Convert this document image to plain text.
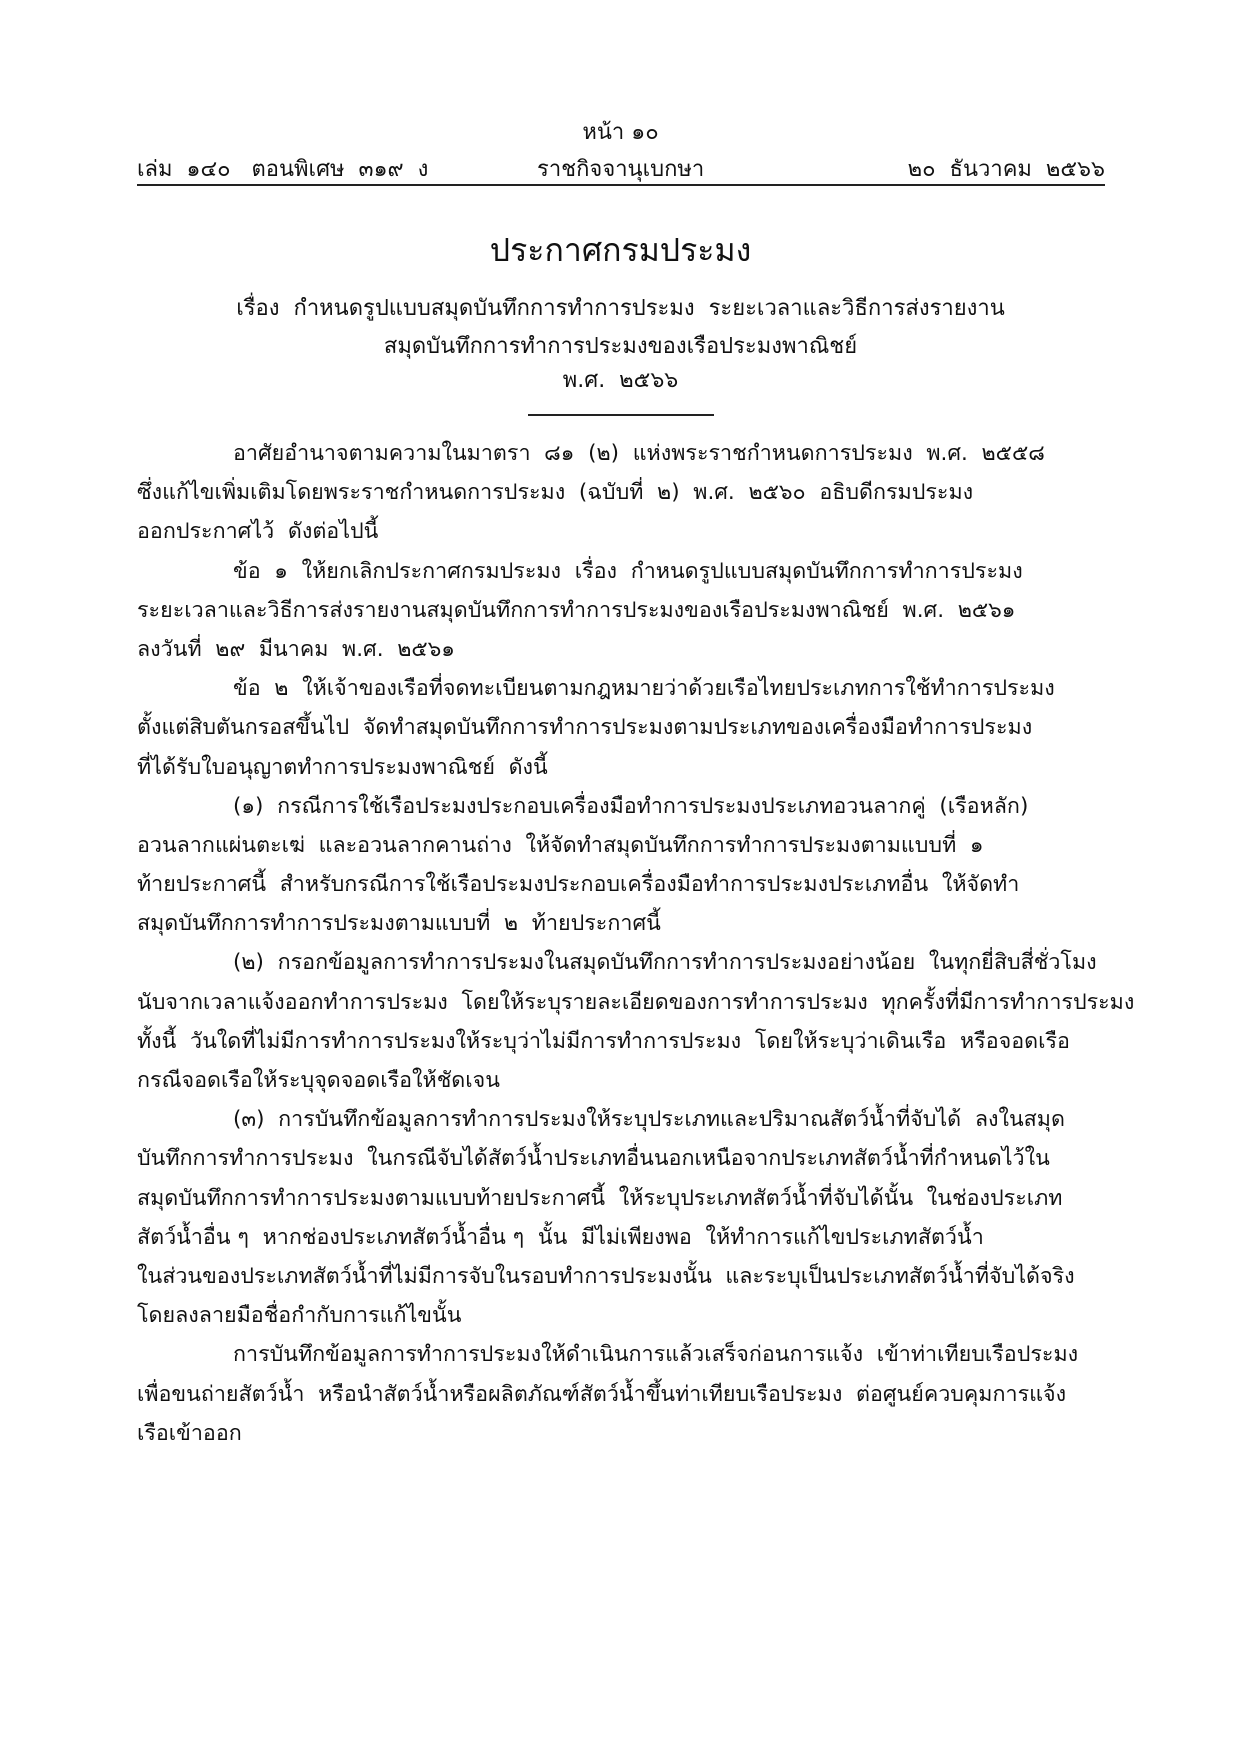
หน้า ๑๐
เล่ม  ๑๔๐   ตอนพิเศษ  ๓๑๙  ง	ราชกิจจานุเบกษา	๒๐  ธันวาคม  ๒๕๖๖
ประกาศกรมประมง
เรื่อง  กำหนดรูปแบบสมุดบันทึกการทำการประมง  ระยะเวลาและวิธีการส่งรายงาน
สมุดบันทึกการทำการประมงของเรือประมงพาณิชย์
พ.ศ.  ๒๕๖๖
อาศัยอำนาจตามความในมาตรา  ๘๑  (๒)  แห่งพระราชกำหนดการประมง  พ.ศ.  ๒๕๕๘
ซึ่งแก้ไขเพิ่มเติมโดยพระราชกำหนดการประมง  (ฉบับที่  ๒)  พ.ศ.  ๒๕๖๐  อธิบดีกรมประมง
ออกประกาศไว้  ดังต่อไปนี้
ข้อ  ๑  ให้ยกเลิกประกาศกรมประมง  เรื่อง  กำหนดรูปแบบสมุดบันทึกการทำการประมง
ระยะเวลาและวิธีการส่งรายงานสมุดบันทึกการทำการประมงของเรือประมงพาณิชย์  พ.ศ.  ๒๕๖๑
ลงวันที่  ๒๙  มีนาคม  พ.ศ.  ๒๕๖๑
ข้อ  ๒  ให้เจ้าของเรือที่จดทะเบียนตามกฎหมายว่าด้วยเรือไทยประเภทการใช้ทำการประมง
ตั้งแต่สิบตันกรอสขึ้นไป  จัดทำสมุดบันทึกการทำการประมงตามประเภทของเครื่องมือทำการประมง
ที่ได้รับใบอนุญาตทำการประมงพาณิชย์  ดังนี้
(๑)  กรณีการใช้เรือประมงประกอบเครื่องมือทำการประมงประเภทอวนลากคู่  (เรือหลัก)
อวนลากแผ่นตะเฆ่  และอวนลากคานถ่าง  ให้จัดทำสมุดบันทึกการทำการประมงตามแบบที่  ๑
ท้ายประกาศนี้  สำหรับกรณีการใช้เรือประมงประกอบเครื่องมือทำการประมงประเภทอื่น  ให้จัดทำ
สมุดบันทึกการทำการประมงตามแบบที่  ๒  ท้ายประกาศนี้
(๒)  กรอกข้อมูลการทำการประมงในสมุดบันทึกการทำการประมงอย่างน้อย  ในทุกยี่สิบสี่ชั่วโมง
นับจากเวลาแจ้งออกทำการประมง  โดยให้ระบุรายละเอียดของการทำการประมง  ทุกครั้งที่มีการทำการประมง
ทั้งนี้  วันใดที่ไม่มีการทำการประมงให้ระบุว่าไม่มีการทำการประมง  โดยให้ระบุว่าเดินเรือ  หรือจอดเรือ
กรณีจอดเรือให้ระบุจุดจอดเรือให้ชัดเจน
(๓)  การบันทึกข้อมูลการทำการประมงให้ระบุประเภทและปริมาณสัตว์น้ำที่จับได้  ลงในสมุด
บันทึกการทำการประมง  ในกรณีจับได้สัตว์น้ำประเภทอื่นนอกเหนือจากประเภทสัตว์น้ำที่กำหนดไว้ใน
สมุดบันทึกการทำการประมงตามแบบท้ายประกาศนี้  ให้ระบุประเภทสัตว์น้ำที่จับได้นั้น  ในช่องประเภท
สัตว์น้ำอื่น ๆ  หากช่องประเภทสัตว์น้ำอื่น ๆ  นั้น  มีไม่เพียงพอ  ให้ทำการแก้ไขประเภทสัตว์น้ำ
ในส่วนของประเภทสัตว์น้ำที่ไม่มีการจับในรอบทำการประมงนั้น  และระบุเป็นประเภทสัตว์น้ำที่จับได้จริง
โดยลงลายมือชื่อกำกับการแก้ไขนั้น
การบันทึกข้อมูลการทำการประมงให้ดำเนินการแล้วเสร็จก่อนการแจ้ง  เข้าท่าเทียบเรือประมง
เพื่อขนถ่ายสัตว์น้ำ  หรือนำสัตว์น้ำหรือผลิตภัณฑ์สัตว์น้ำขึ้นท่าเทียบเรือประมง  ต่อศูนย์ควบคุมการแจ้ง
เรือเข้าออก
